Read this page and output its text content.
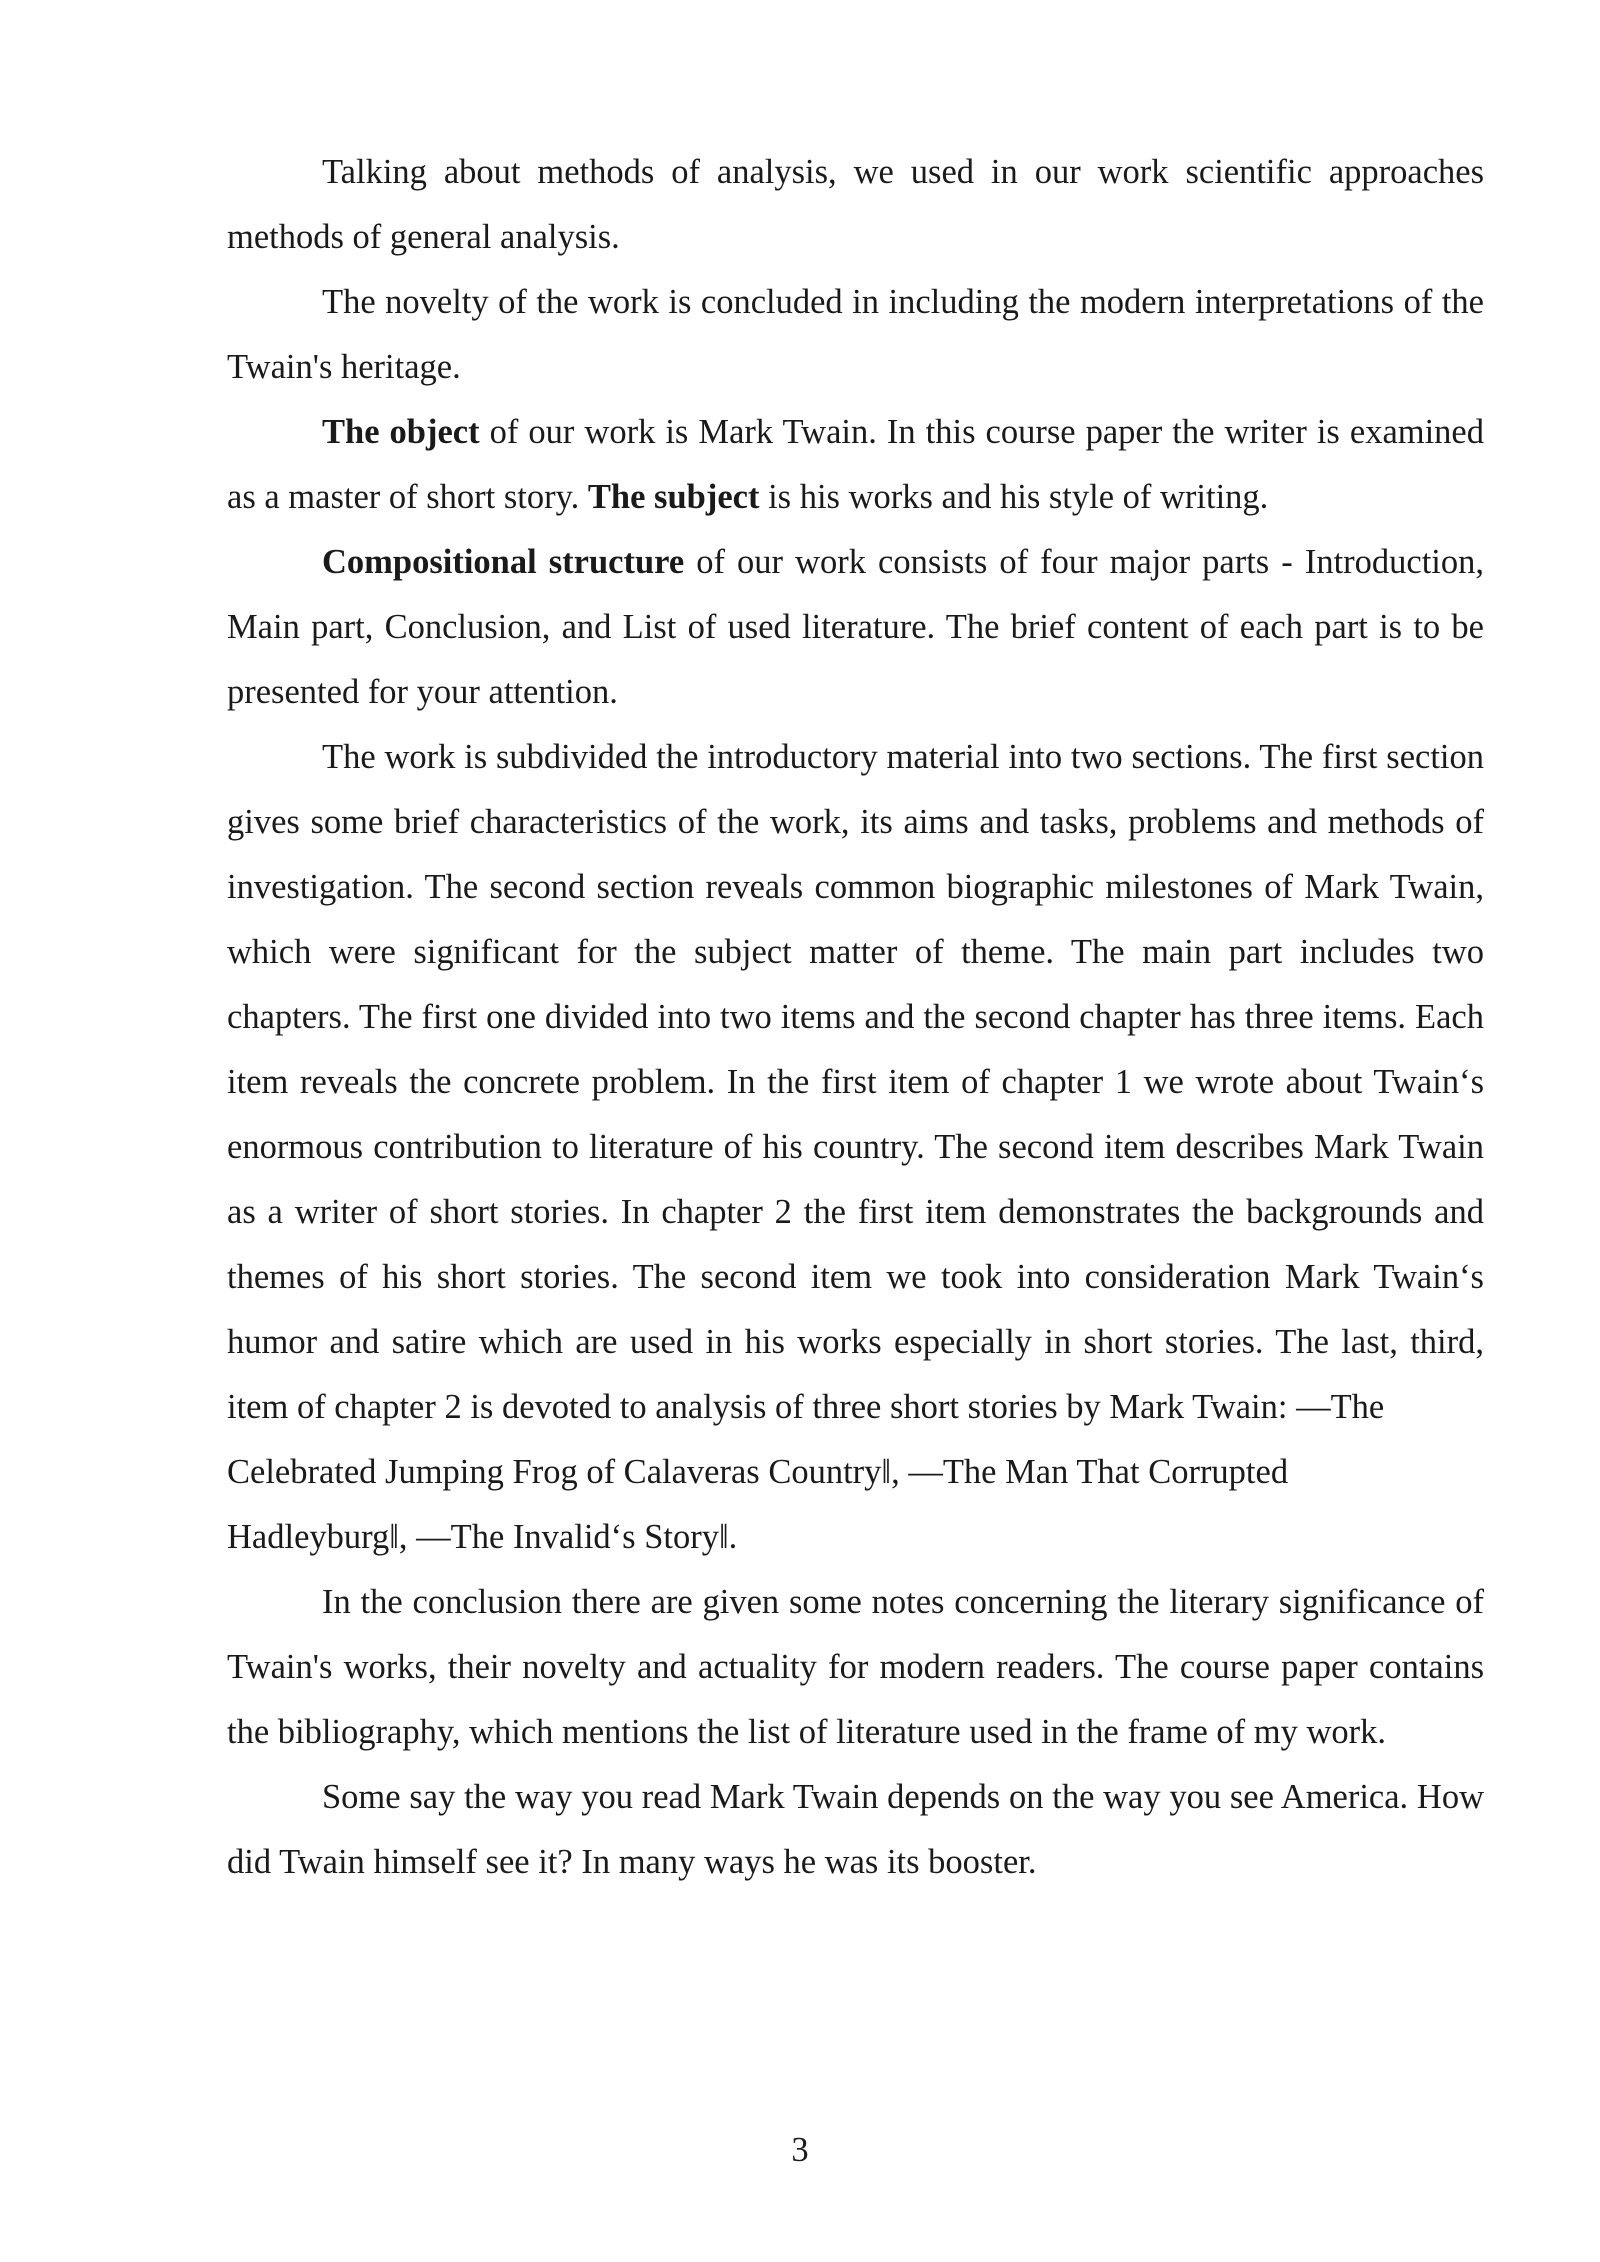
Talking about methods of analysis, we used in our work scientific approaches methods of general analysis.

The novelty of the work is concluded in including the modern interpretations of the Twain's heritage.

The object of our work is Mark Twain. In this course paper the writer is examined as a master of short story. The subject is his works and his style of writing.

Compositional structure of our work consists of four major parts - Introduction, Main part, Conclusion, and List of used literature. The brief content of each part is to be presented for your attention.

The work is subdivided the introductory material into two sections. The first section gives some brief characteristics of the work, its aims and tasks, problems and methods of investigation. The second section reveals common biographic milestones of Mark Twain, which were significant for the subject matter of theme. The main part includes two chapters. The first one divided into two items and the second chapter has three items. Each item reveals the concrete problem. In the first item of chapter 1 we wrote about Twain‘s enormous contribution to literature of his country. The second item describes Mark Twain as a writer of short stories. In chapter 2 the first item demonstrates the backgrounds and themes of his short stories. The second item we took into consideration Mark Twain‘s humor and satire which are used in his works especially in short stories. The last, third, item of chapter 2 is devoted to analysis of three short stories by Mark Twain: —The

Celebrated Jumping Frog of Calaveras Country‖, —The Man That Corrupted

Hadleyburg‖, —The Invalid‘s Story‖.

In the conclusion there are given some notes concerning the literary significance of Twain's works, their novelty and actuality for modern readers. The course paper contains the bibliography, which mentions the list of literature used in the frame of my work.

Some say the way you read Mark Twain depends on the way you see America. How did Twain himself see it? In many ways he was its booster.

3
